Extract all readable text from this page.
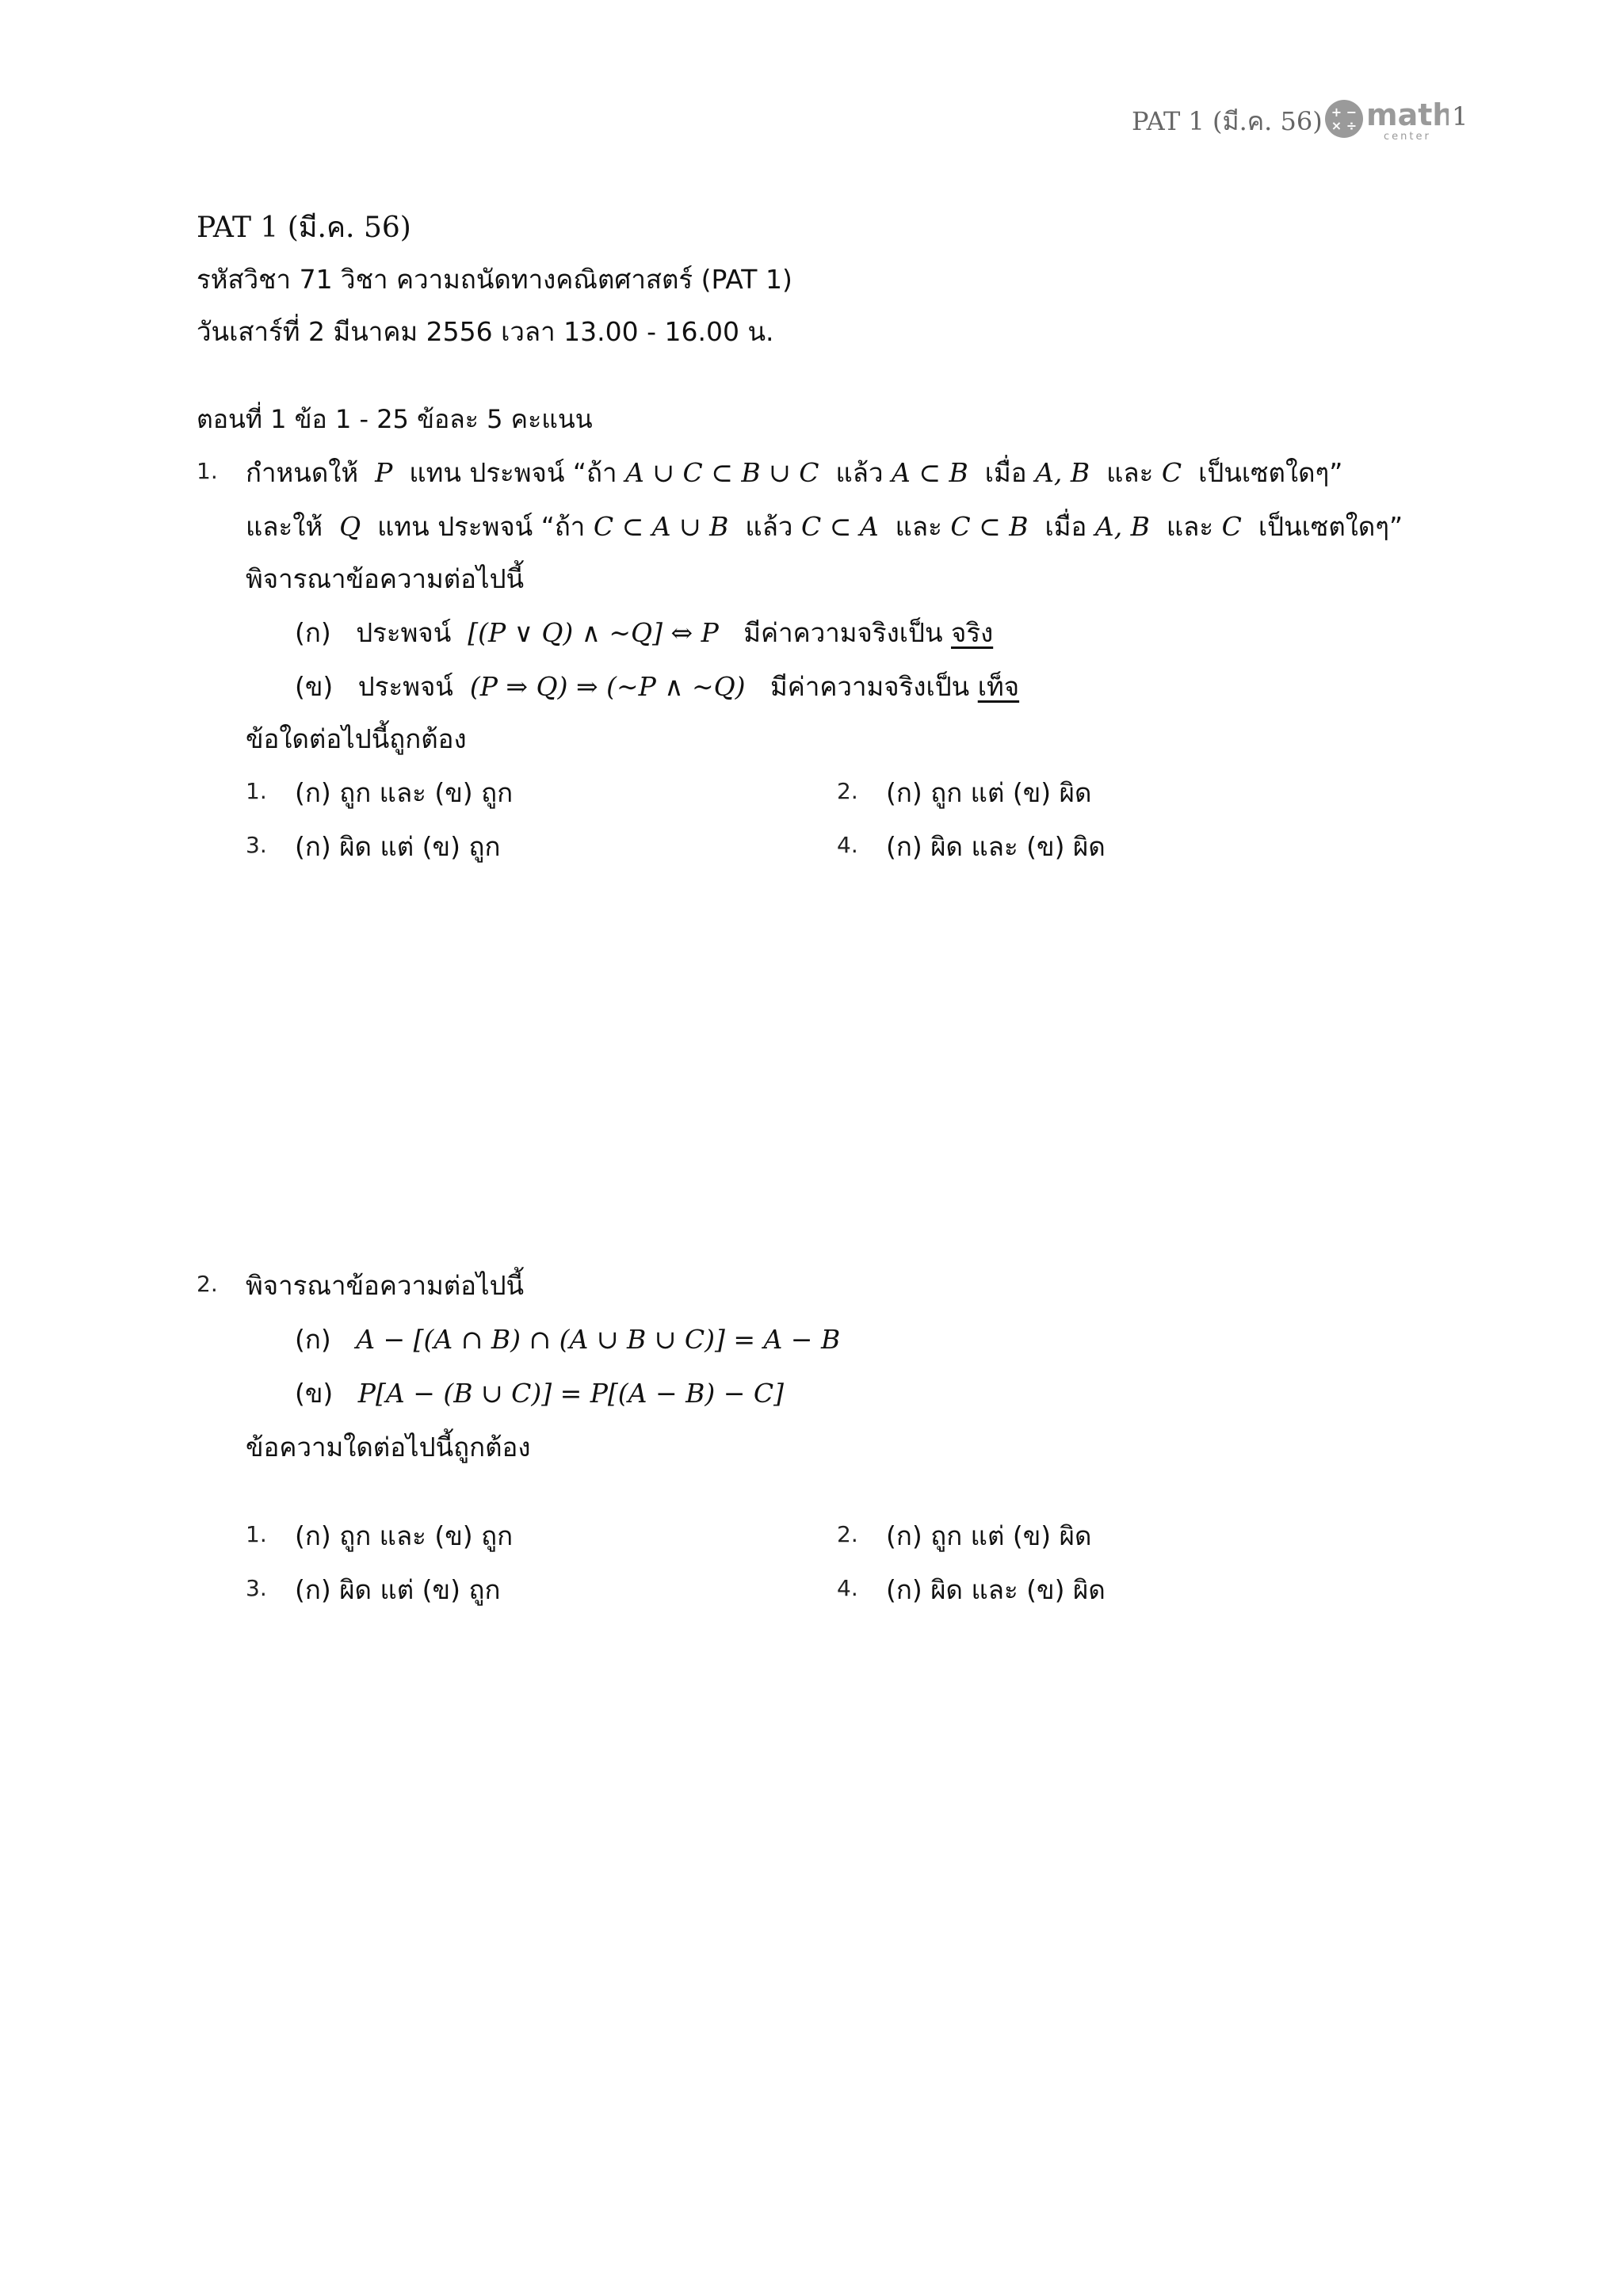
PAT 1 (มี.ค. 56) + −
× ÷ math
center
1
PAT 1 (มี.ค. 56)
รหัสวิชา 71 วิชา ความถนัดทางคณิตศาสตร์ (PAT 1)
วันเสาร์ที่ 2 มีนาคม 2556 เวลา 13.00 - 16.00 น.
ตอนที่ 1 ข้อ 1 - 25 ข้อละ 5 คะแนน
1. กำหนดให้ P แทน ประพจน์ “ถ้า A ∪ C ⊂ B ∪ C แล้ว A ⊂ B เมื่อ A, B และ C เป็นเซตใดๆ”
และให้ Q แทน ประพจน์ “ถ้า C ⊂ A ∪ B แล้ว C ⊂ A และ C ⊂ B เมื่อ A, B และ C เป็นเซตใดๆ”
พิจารณาข้อความต่อไปนี้
(ก) ประพจน์ [(P ∨ Q) ∧ ∼Q] ⇔ P มีค่าความจริงเป็น จริง
(ข) ประพจน์ (P ⇒ Q) ⇒ (∼P ∧ ∼Q) มีค่าความจริงเป็น เท็จ
ข้อใดต่อไปนี้ถูกต้อง
1. (ก) ถูก และ (ข) ถูก	2. (ก) ถูก แต่ (ข) ผิด
3. (ก) ผิด แต่ (ข) ถูก	4. (ก) ผิด และ (ข) ผิด
2. พิจารณาข้อความต่อไปนี้
(ก) A − [(A ∩ B) ∩ (A ∪ B ∪ C)] = A − B
(ข) P[A − (B ∪ C)] = P[(A − B) − C]
ข้อความใดต่อไปนี้ถูกต้อง
1. (ก) ถูก และ (ข) ถูก	2. (ก) ถูก แต่ (ข) ผิด
3. (ก) ผิด แต่ (ข) ถูก	4. (ก) ผิด และ (ข) ผิด
